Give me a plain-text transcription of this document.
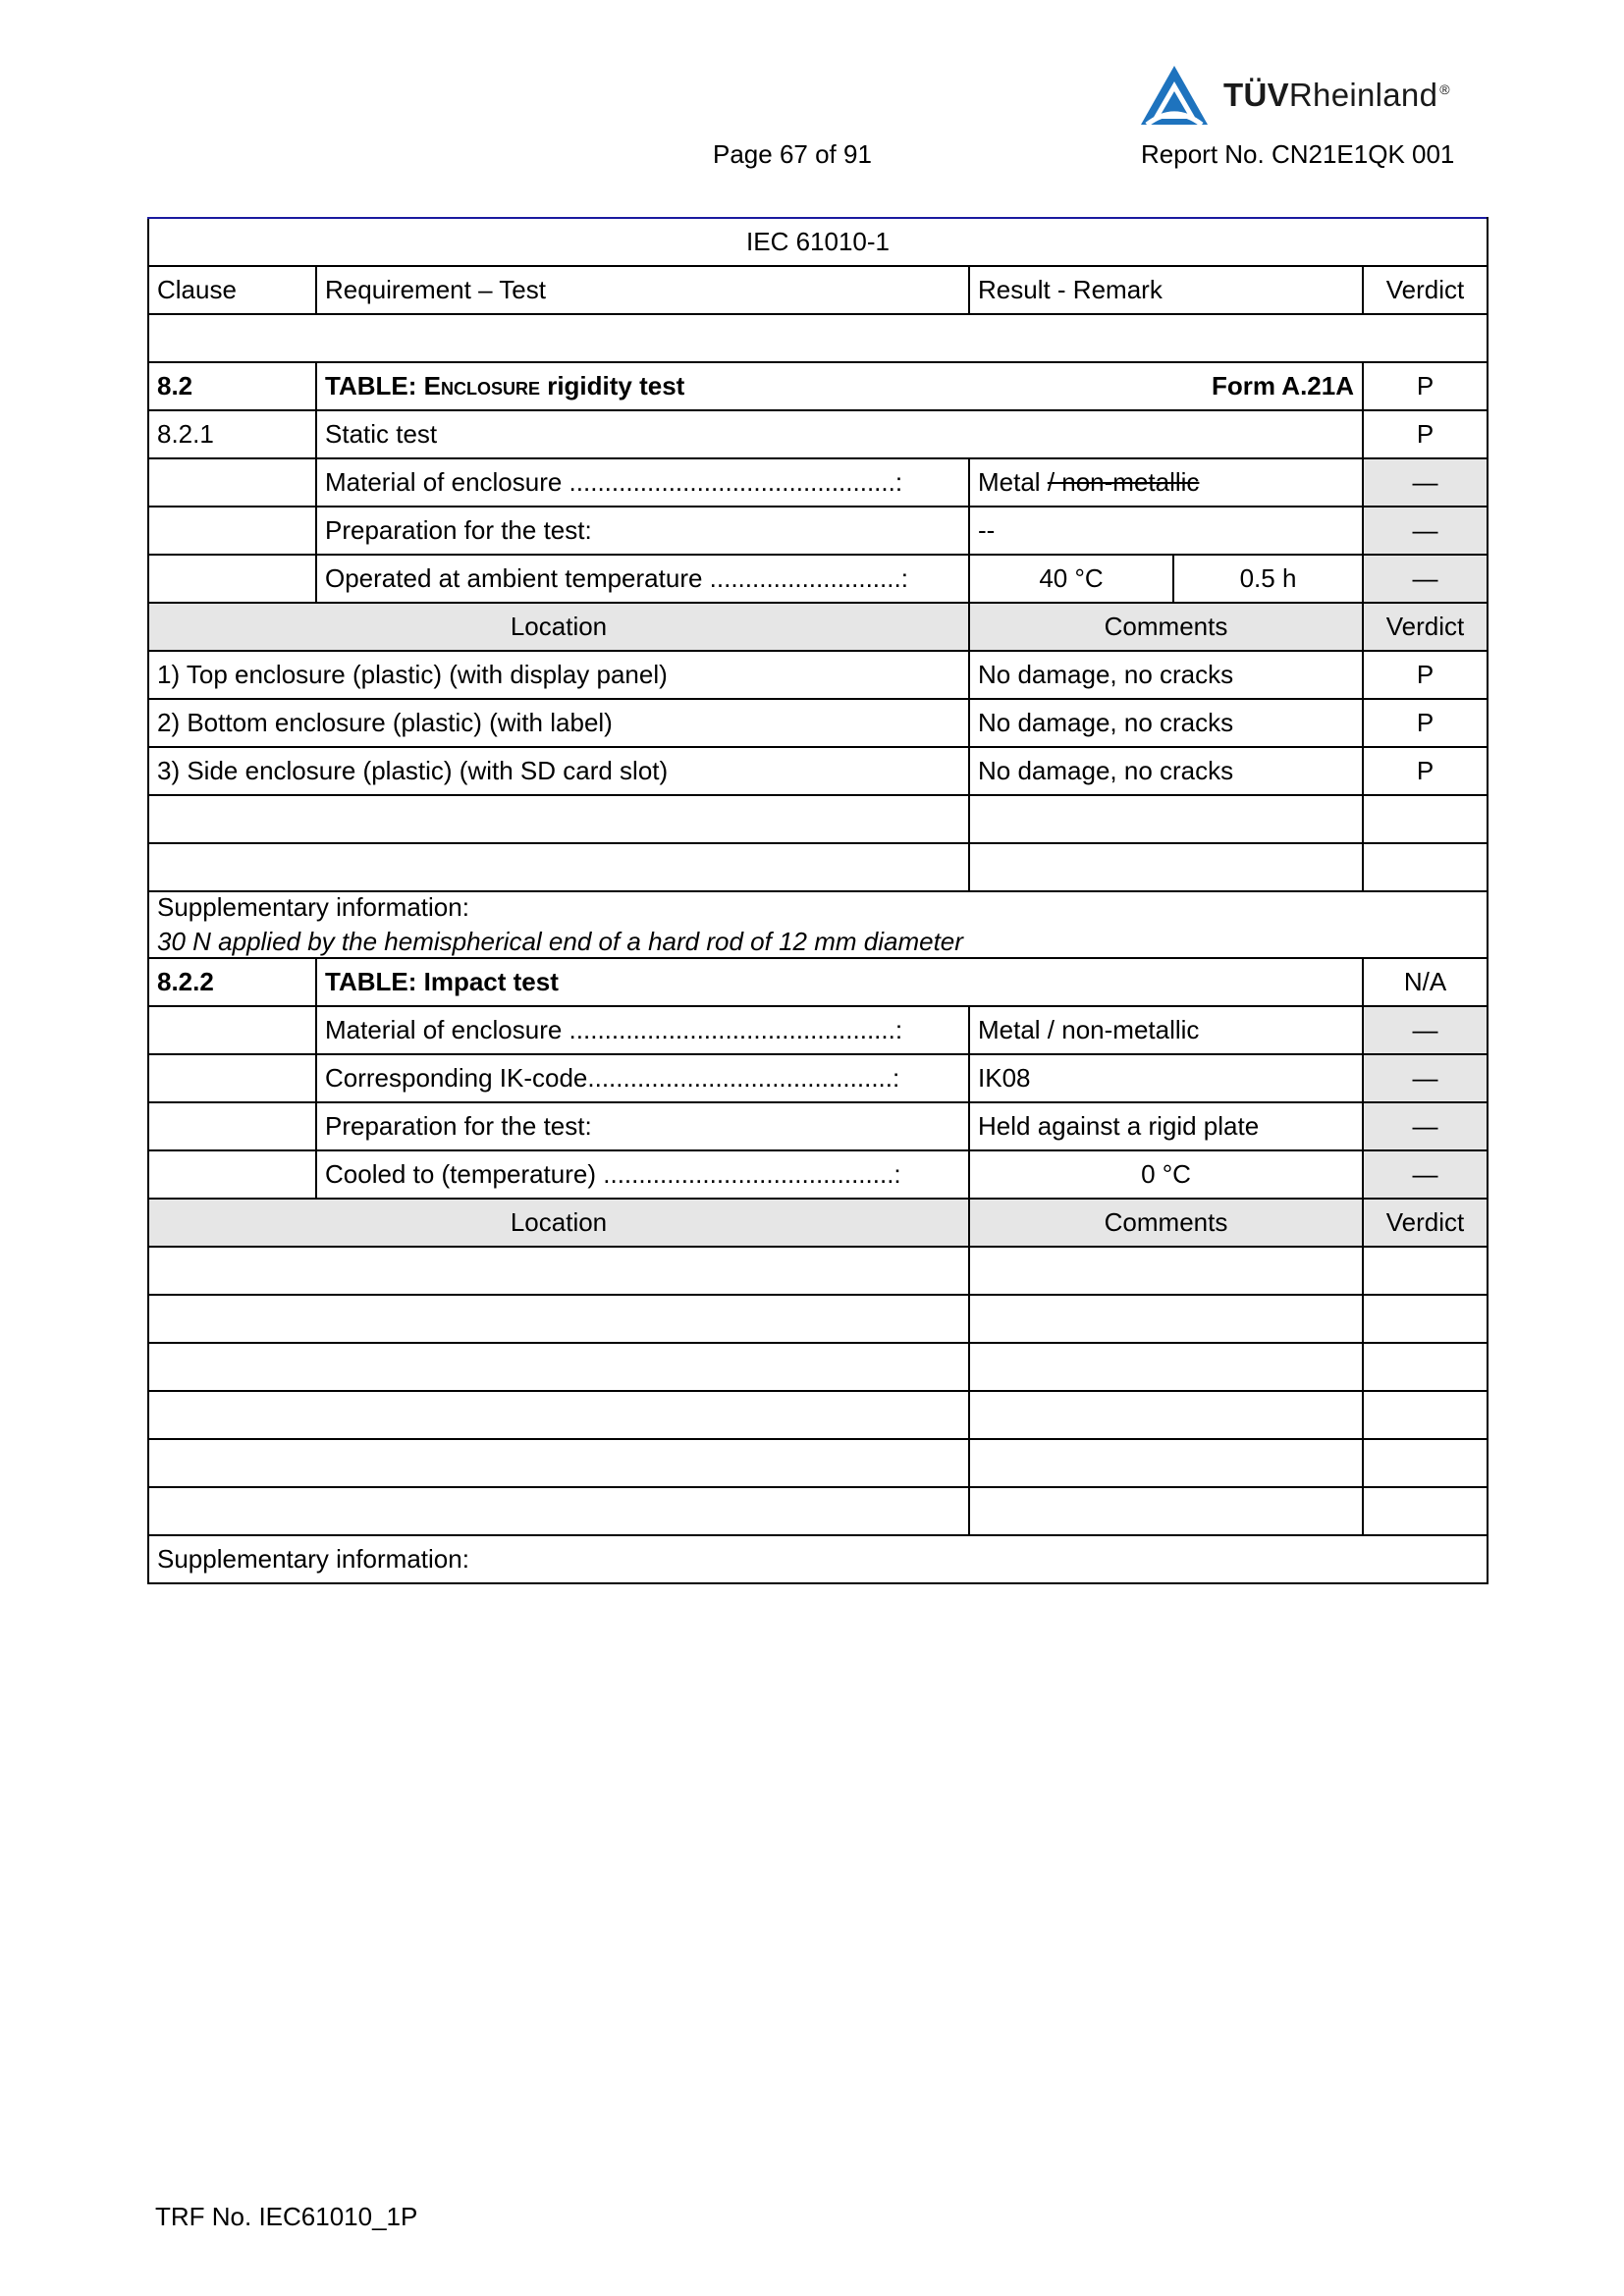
TÜVRheinland ®
Page 67 of 91	Report No. CN21E1QK 001
IEC 61010-1				
Clause	Requirement – Test	Result - Remark		Verdict

8.2	TABLE: Enclosure rigidity test Form A.21A			P
8.2.1	Static test			P
	Material of enclosure ..............................................:	Metal / non-metallic		—
	Preparation for the test:	--		—
	Operated at ambient temperature ...........................:	40 °C	0.5 h	—
Location		Comments		Verdict
1) Top enclosure (plastic) (with display panel)		No damage, no cracks		P
2) Bottom enclosure (plastic) (with label)		No damage, no cracks		P
3) Side enclosure (plastic) (with SD card slot)		No damage, no cracks		P

Supplementary information:
30 N applied by the hemispherical end of a hard rod of 12 mm diameter				

8.2.2	TABLE: Impact test			N/A
	Material of enclosure ..............................................:	Metal / non-metallic		—
	Corresponding IK-code...........................................:	IK08		—
	Preparation for the test:	Held against a rigid plate		—
	Cooled to (temperature) .........................................:	0 °C		—
Location		Comments		Verdict

Supplementary information:				
TRF No. IEC61010_1P
